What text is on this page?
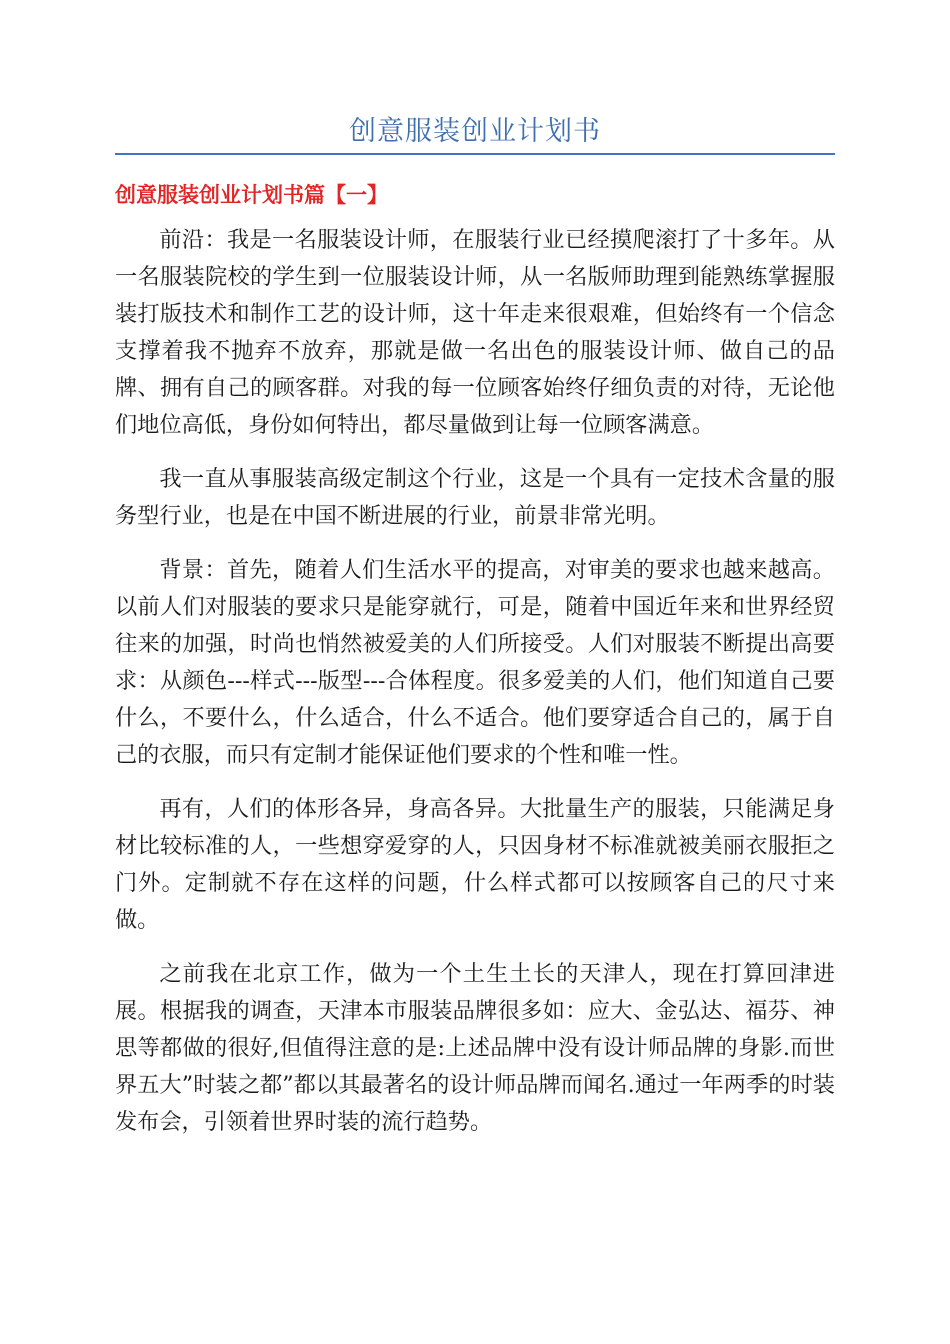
创意服装创业计划书
创意服装创业计划书篇【一】

前沿：我是一名服装设计师，在服装行业已经摸爬滚打了十多年。从一名服装院校的学生到一位服装设计师，从一名版师助理到能熟练掌握服装打版技术和制作工艺的设计师，这十年走来很艰难，但始终有一个信念支撑着我不抛弃不放弃，那就是做一名出色的服装设计师、做自己的品牌、拥有自己的顾客群。对我的每一位顾客始终仔细负责的对待，无论他们地位高低，身份如何特出，都尽量做到让每一位顾客满意。

我一直从事服装高级定制这个行业，这是一个具有一定技术含量的服务型行业，也是在中国不断进展的行业，前景非常光明。

背景：首先，随着人们生活水平的提高，对审美的要求也越来越高。以前人们对服装的要求只是能穿就行，可是，随着中国近年来和世界经贸往来的加强，时尚也悄然被爱美的人们所接受。人们对服装不断提出高要求：从颜色---样式---版型---合体程度。很多爱美的人们，他们知道自己要什么，不要什么，什么适合，什么不适合。他们要穿适合自己的，属于自己的衣服，而只有定制才能保证他们要求的个性和唯一性。

再有，人们的体形各异，身高各异。大批量生产的服装，只能满足身材比较标准的人，一些想穿爱穿的人，只因身材不标准就被美丽衣服拒之门外。定制就不存在这样的问题，什么样式都可以按顾客自己的尺寸来做。

之前我在北京工作，做为一个土生土长的天津人，现在打算回津进展。根据我的调查，天津本市服装品牌很多如：应大、金弘达、福芬、神思等都做的很好,但值得注意的是:上述品牌中没有设计师品牌的身影.而世界五大”时装之都”都以其最著名的设计师品牌而闻名.通过一年两季的时装发布会，引领着世界时装的流行趋势。
